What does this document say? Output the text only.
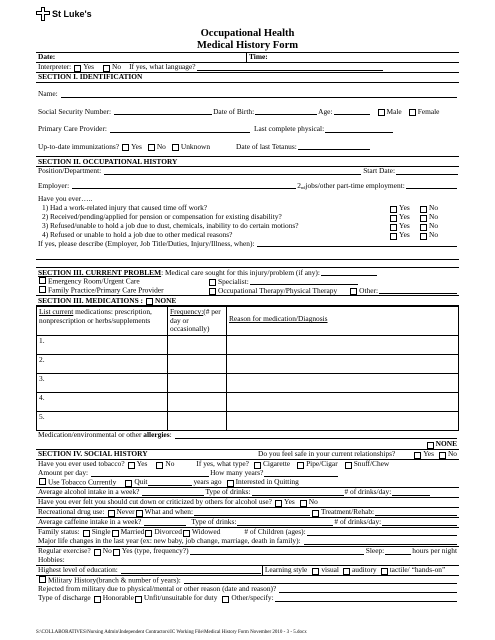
St Luke's
Occupational Health
Medical History Form
Date:	Time:
Interpreter: Yes No If yes, what language?
SECTION I. IDENTIFICATION
Name:
Social Security Number:	Date of Birth:	Age:	Male Female
Primary Care Provider:	Last complete physical:
Up-to-date immunizations? Yes No Unknown	Date of last Tetanus:
SECTION II. OCCUPATIONAL HISTORY
Position/Department:	Start Date:
Employer:	$2_{nd}$ jobs/other part-time employment:
Have you ever…..
1) Had a work-related injury that caused time off work?	Yes	No
2) Received/pending/applied for pension or compensation for existing disability?	Yes	No
3) Refused/unable to hold a job due to dust, chemicals, inability to do certain motions?	Yes	No
4) Refused or unable to hold a job due to other medical reasons?	Yes	No
If yes, please describe (Employer, Job Title/Duties, Injury/Illness, when):
SECTION III. CURRENT PROBLEM: Medical care sought for this injury/problem (if any):
Emergency Room/Urgent Care	Specialist:
Family Practice/Primary Care Provider	Occupational Therapy/Physical Therapy	Other:
SECTION III. MEDICATIONS : NONE
List current medications: prescription, nonprescription or herbs/supplements	Frequency:(# per day or occasionally)	Reason for medication/Diagnosis

1.		
2.		
3.		
4.		
5.		
Medication/environmental or other allergies:
NONE
SECTION IV. SOCIAL HISTORY	Do you feel safe in your current relationships?	Yes No
Have you ever used tobacco? Yes No	If yes, what type? Cigarette Pipe/Cigar Snuff/Chew
Amount per day:	How many years?
Use Tobacco Currently Quit	years ago Interested in Quitting
Average alcohol intake in a week?	Type of drinks:	# of drinks/day:
Have you ever felt you should cut down or criticized by others for alcohol use? Yes No
Recreational drug use: Never What and when:	Treatment/Rehab:
Average caffeine intake in a week?	Type of drinks:	# of drinks/day:
Family status: Single Married Divorced Widowed	# of Children (ages):
Major life changes in the last year (ex: new baby, job change, marriage, death in family):
Regular exercise? No Yes (type, frequency?)	Sleep:	hours per night
Hobbies:
Highest level of education:	Learning style visual auditory tactile/ “hands-on”
Military History(branch & number of years):
Rejected from military due to physical/mental or other reason (date and reason)?
Type of discharge Honorable Unfit/unsuitable for duty Other/specify:
S:\COLLABORATIVES\Nursing Admin\Independent Contractors\IC Working File\Medical History Form November 2010 - 3 - 5.docx
